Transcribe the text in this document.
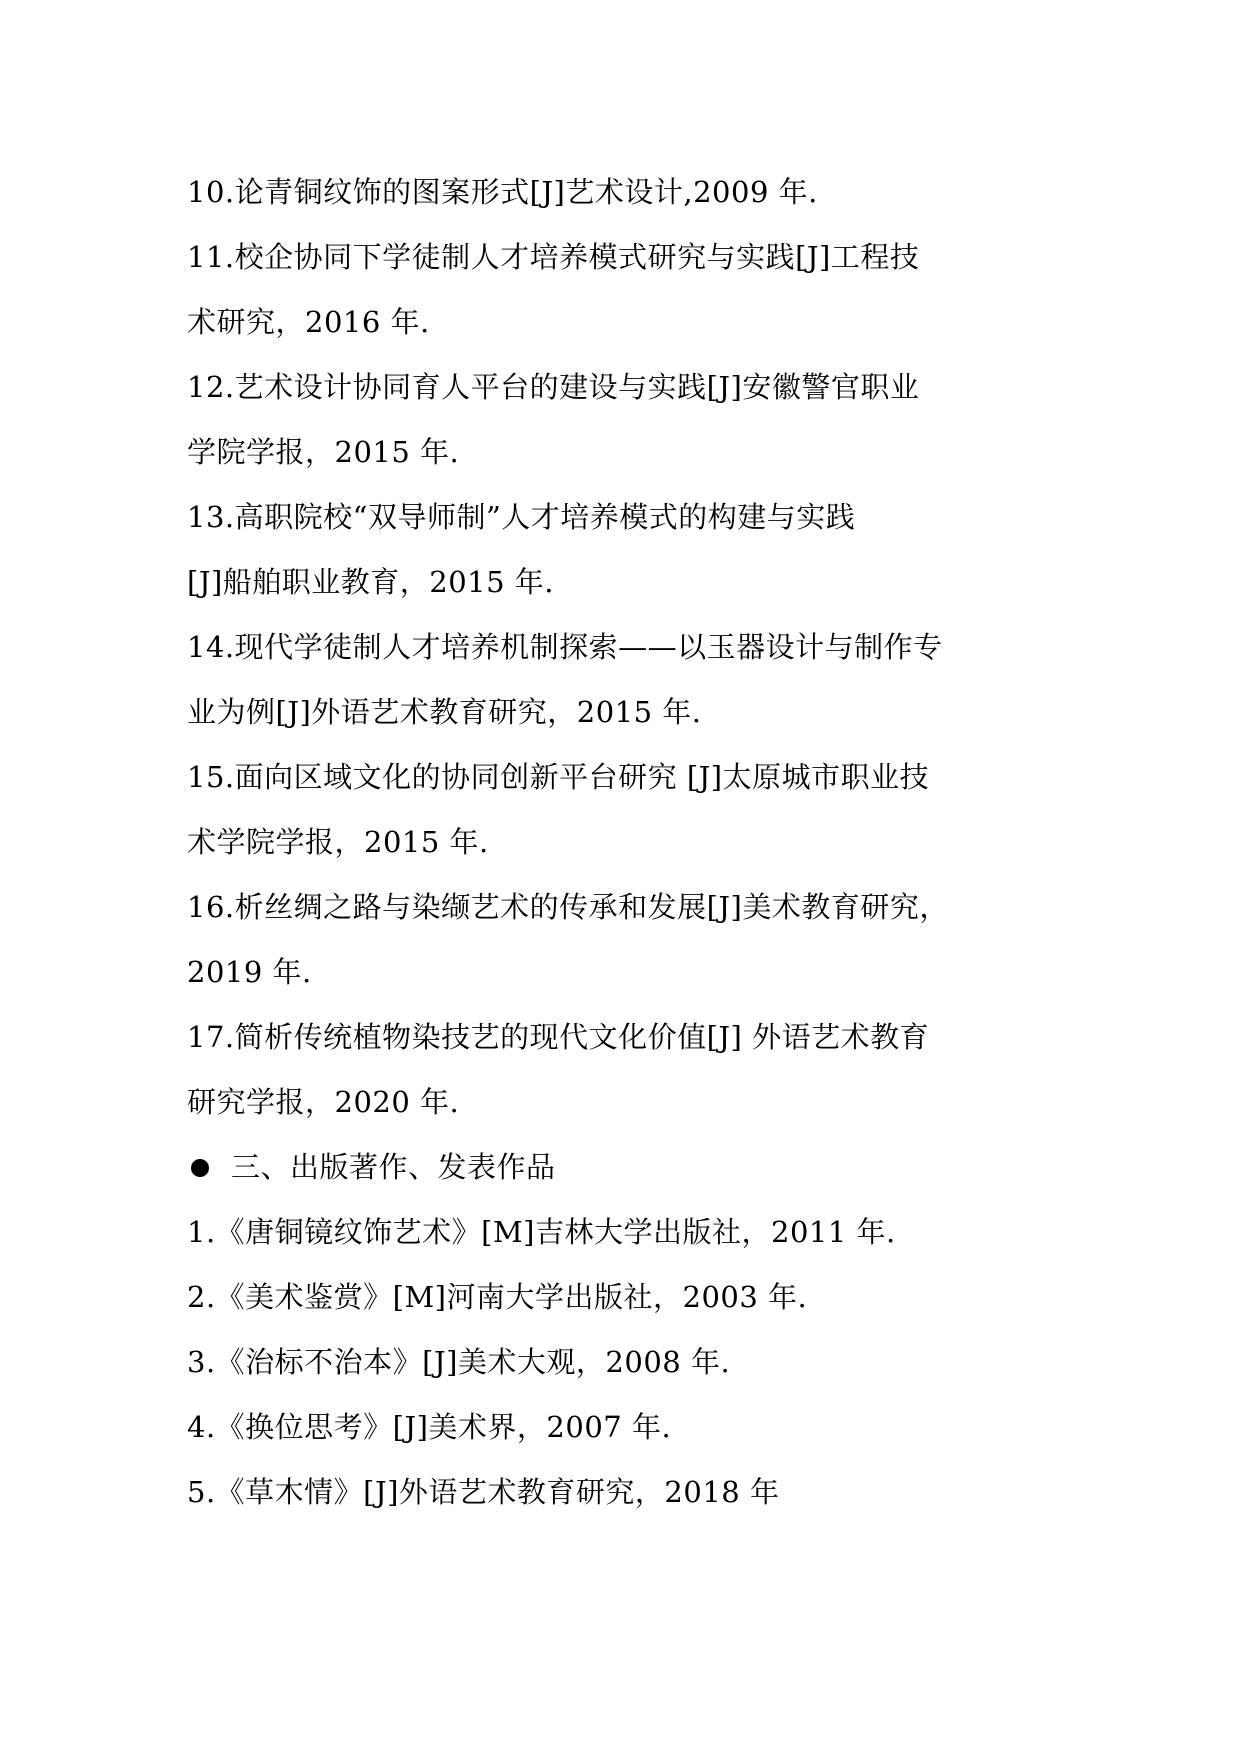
10.论青铜纹饰的图案形式[J]艺术设计,2009 年.
11.校企协同下学徒制人才培养模式研究与实践[J]工程技
术研究，2016 年.
12.艺术设计协同育人平台的建设与实践[J]安徽警官职业
学院学报，2015 年.
13.高职院校“双导师制”人才培养模式的构建与实践
[J]船舶职业教育，2015 年.
14.现代学徒制人才培养机制探索——以玉器设计与制作专
业为例[J]外语艺术教育研究，2015 年.
15.面向区域文化的协同创新平台研究 [J]太原城市职业技
术学院学报，2015 年.
16.析丝绸之路与染缬艺术的传承和发展[J]美术教育研究，
2019 年.
17.简析传统植物染技艺的现代文化价值[J] 外语艺术教育
研究学报，2020 年.
三、出版著作、发表作品
1.《唐铜镜纹饰艺术》[M]吉林大学出版社，2011 年.
2.《美术鉴赏》[M]河南大学出版社，2003 年.
3.《治标不治本》[J]美术大观，2008 年.
4.《换位思考》[J]美术界，2007 年.
5.《草木情》[J]外语艺术教育研究，2018 年
